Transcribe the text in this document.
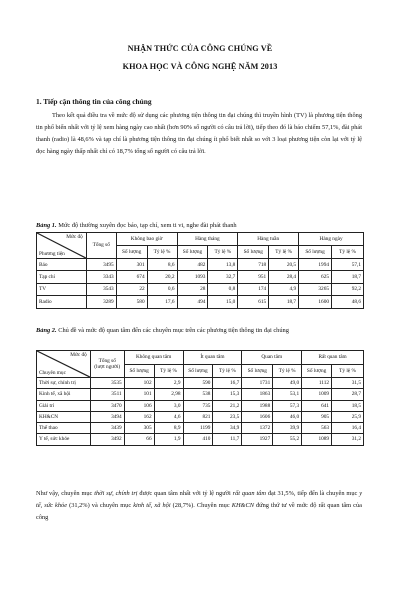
NHẬN THỨC CỦA CÔNG CHÚNG VỀ
KHOA HỌC VÀ CÔNG NGHỆ NĂM 2013
1. Tiếp cận thông tin của công chúng

Theo kết quả điều tra về mức độ sử dụng các phương tiện thông tin đại chúng thì truyền hình (TV) là phương tiện thông tin phổ biến nhất với tỷ lệ xem hàng ngày cao nhất (hơn 90% số người có câu trả lời), tiếp theo đó là báo chiếm 57,1%, đài phát thanh (radio) là 48,6% và tạp chí là phương tiện thông tin đại chúng ít phổ biết nhất so với 3 loại phương tiện còn lại với tỷ lệ đọc hàng ngày thấp nhất chỉ có 18,7% tổng số người có câu trả lời.

Bảng 1. Mức độ thường xuyên đọc báo, tạp chí, xem ti vi, nghe đài phát thanh
Mức độ
Phương tiện	Tổng số	Không bao giờ		Hàng tháng		Hàng tuần		Hàng ngày	
		Số lượng	Tỷ lệ %	Số lượng	Tỷ lệ %	Số lượng	Tỷ lệ %	Số lượng	Tỷ lệ %
Báo	3495	301	8,6	482	13,8	718	20,5	1994	57,1
Tạp chí	3343	674	20,2	1093	32,7	951	28,4	625	18,7
TV	3543	22	0,6	28	0,8	174	4,9	3265	92,2
Radio	3289	580	17,6	494	15,0	615	18,7	1600	48,6
Bảng 2. Chủ đề và mức độ quan tâm đến các chuyên mục trên các phương tiện thông tin đại chúng
Mức độ
Chuyên mục	Tổng số (lượt người)	Không quan tâm		Ít quan tâm		Quan tâm		Rất quan tâm	
		Số lượng	Tỷ lệ %	Số lượng	Tỷ lệ %	Số lượng	Tỷ lệ %	Số lượng	Tỷ lệ %
Thời sự, chính trị	3535	102	2,9	590	16,7	1731	49,0	1112	31,5
Kinh tế, xã hội	3511	101	2,98	538	15,3	1863	53,1	1009	28,7
Giải trí	3470	106	3,0	735	21,2	1988	57,3	641	18,5
KH&CN	3494	162	4,6	821	23,5	1606	46,0	905	25,9
Thể thao	3439	305	8,9	1199	34,9	1372	39,9	563	16,4
Y tế, sức khỏe	3492	66	1,9	410	11,7	1927	55,2	1089	31,2

Như vậy, chuyên mục thời sự, chính trị được quan tâm nhất với tỷ lệ người rất quan tâm đạt 31,5%, tiếp đến là chuyên mục y tế, sức khỏe (31,2%) và chuyên mục kinh tế, xã hội (28,7%). Chuyên mục KH&CN đứng thứ tư về mức độ rất quan tâm của công
